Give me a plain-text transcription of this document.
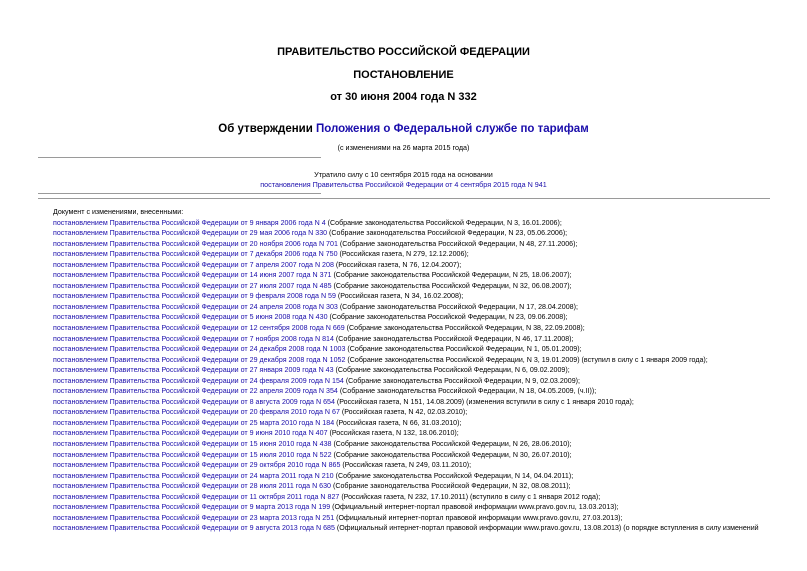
ПРАВИТЕЛЬСТВО РОССИЙСКОЙ ФЕДЕРАЦИИ
ПОСТАНОВЛЕНИЕ
от 30 июня 2004 года N 332
Об утверждении Положения о Федеральной службе по тарифам
(с изменениями на 26 марта 2015 года)
Утратило силу с 10 сентября 2015 года на основании
постановления Правительства Российской Федерации от 4 сентября 2015 года N 941
Документ с изменениями, внесенными:
постановлением Правительства Российской Федерации от 9 января 2006 года N 4 (Собрание законодательства Российской Федерации, N 3, 16.01.2006);
постановлением Правительства Российской Федерации от 29 мая 2006 года N 330 (Собрание законодательства Российской Федерации, N 23, 05.06.2006);
постановлением Правительства Российской Федерации от 20 ноября 2006 года N 701 (Собрание законодательства Российской Федерации, N 48, 27.11.2006);
постановлением Правительства Российской Федерации от 7 декабря 2006 года N 750 (Российская газета, N 279, 12.12.2006);
постановлением Правительства Российской Федерации от 7 апреля 2007 года N 208 (Российская газета, N 76, 12.04.2007);
постановлением Правительства Российской Федерации от 14 июня 2007 года N 371 (Собрание законодательства Российской Федерации, N 25, 18.06.2007);
постановлением Правительства Российской Федерации от 27 июля 2007 года N 485 (Собрание законодательства Российской Федерации, N 32, 06.08.2007);
постановлением Правительства Российской Федерации от 9 февраля 2008 года N 59 (Российская газета, N 34, 16.02.2008);
постановлением Правительства Российской Федерации от 24 апреля 2008 года N 303 (Собрание законодательства Российской Федерации, N 17, 28.04.2008);
постановлением Правительства Российской Федерации от 5 июня 2008 года N 430 (Собрание законодательства Российской Федерации, N 23, 09.06.2008);
постановлением Правительства Российской Федерации от 12 сентября 2008 года N 669 (Собрание законодательства Российской Федерации, N 38, 22.09.2008);
постановлением Правительства Российской Федерации от 7 ноября 2008 года N 814 (Собрание законодательства Российской Федерации, N 46, 17.11.2008);
постановлением Правительства Российской Федерации от 24 декабря 2008 года N 1003 (Собрание законодательства Российской Федерации, N 1, 05.01.2009);
постановлением Правительства Российской Федерации от 29 декабря 2008 года N 1052 (Собрание законодательства Российской Федерации, N 3, 19.01.2009) (вступил в силу с 1 января 2009 года);
постановлением Правительства Российской Федерации от 27 января 2009 года N 43 (Собрание законодательства Российской Федерации, N 6, 09.02.2009);
постановлением Правительства Российской Федерации от 24 февраля 2009 года N 154 (Собрание законодательства Российской Федерации, N 9, 02.03.2009);
постановлением Правительства Российской Федерации от 22 апреля 2009 года N 354 (Собрание законодательства Российской Федерации, N 18, 04.05.2009, (ч.II));
постановлением Правительства Российской Федерации от 8 августа 2009 года N 654 (Российская газета, N 151, 14.08.2009) (изменения вступили в силу с 1 января 2010 года);
постановлением Правительства Российской Федерации от 20 февраля 2010 года N 67 (Российская газета, N 42, 02.03.2010);
постановлением Правительства Российской Федерации от 25 марта 2010 года N 184 (Российская газета, N 66, 31.03.2010);
постановлением Правительства Российской Федерации от 9 июня 2010 года N 407 (Российская газета, N 132, 18.06.2010);
постановлением Правительства Российской Федерации от 15 июня 2010 года N 438 (Собрание законодательства Российской Федерации, N 26, 28.06.2010);
постановлением Правительства Российской Федерации от 15 июля 2010 года N 522 (Собрание законодательства Российской Федерации, N 30, 26.07.2010);
постановлением Правительства Российской Федерации от 29 октября 2010 года N 865 (Российская газета, N 249, 03.11.2010);
постановлением Правительства Российской Федерации от 24 марта 2011 года N 210 (Собрание законодательства Российской Федерации, N 14, 04.04.2011);
постановлением Правительства Российской Федерации от 28 июля 2011 года N 630 (Собрание законодательства Российской Федерации, N 32, 08.08.2011);
постановлением Правительства Российской Федерации от 11 октября 2011 года N 827 (Российская газета, N 232, 17.10.2011) (вступило в силу с 1 января 2012 года);
постановлением Правительства Российской Федерации от 9 марта 2013 года N 199 (Официальный интернет-портал правовой информации www.pravo.gov.ru, 13.03.2013);
постановлением Правительства Российской Федерации от 23 марта 2013 года N 251 (Официальный интернет-портал правовой информации www.pravo.gov.ru, 27.03.2013);
постановлением Правительства Российской Федерации от 9 августа 2013 года N 685 (Официальный интернет-портал правовой информации www.pravo.gov.ru, 13.08.2013) (о порядке вступления в силу изменений
